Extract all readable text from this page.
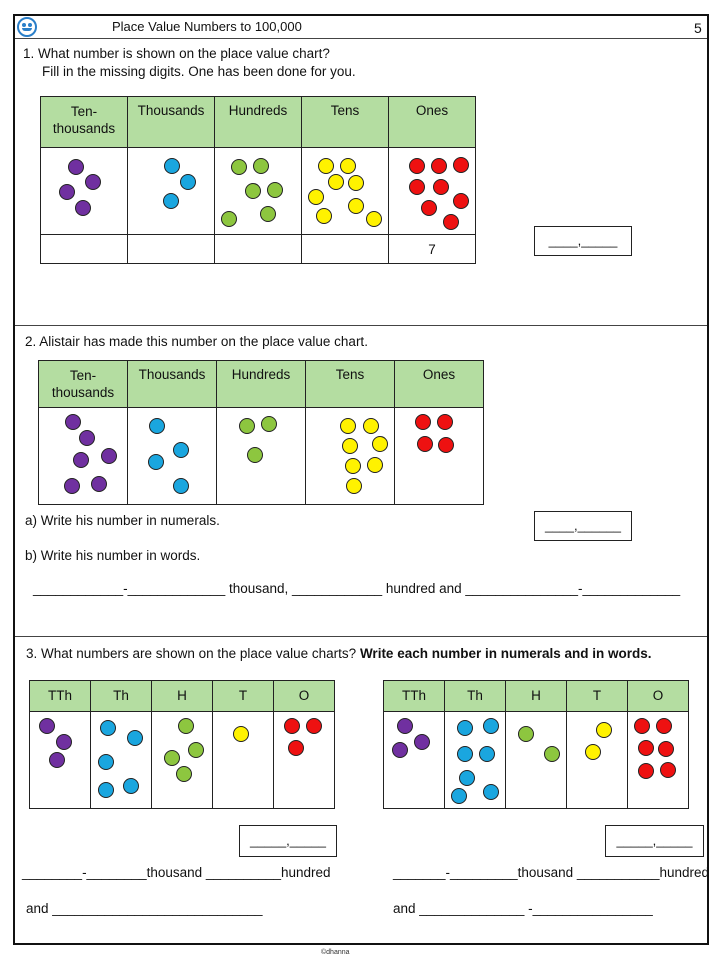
Place Value Numbers to 100,000	5
1. What number is shown on the place value chart?
Fill in the missing digits. One has been done for you.
Ten-
thousands	Thousands	Hundreds	Tens	Ones

				7
____,_____
2. Alistair has made this number on the place value chart.
Ten-
thousands	Thousands	Hundreds	Tens	Ones

a) Write his number in numerals.	____,______
b) Write his number in words.
____________-_____________ thousand, ____________ hundred and _______________-_____________
3. What numbers are shown on the place value charts? Write each number in numerals and in words.
TTh	Th	H	T	O

		TTh	Th	H	T	O

_____,_____	_____,_____
________-________thousand __________hundred
and ____________________________
_______-_________thousand ___________hundred
and ______________ -________________
©dhanna
